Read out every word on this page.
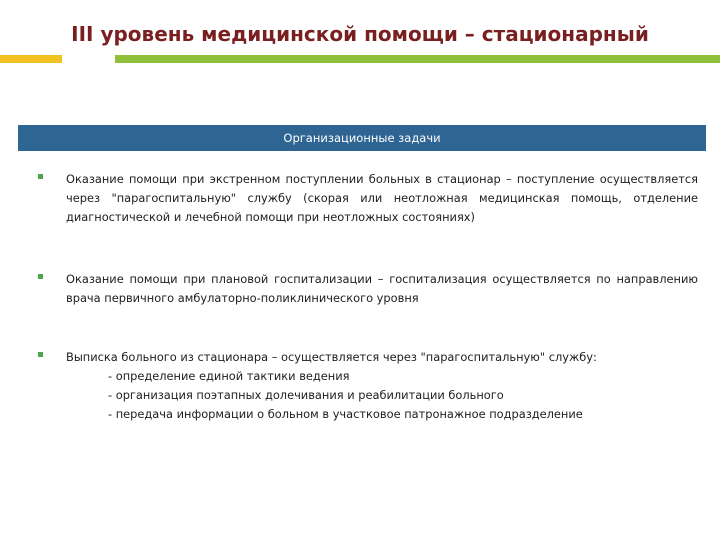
III уровень медицинской помощи – стационарный
Организационные задачи
Оказание помощи при экстренном поступлении больных в стационар – поступление осуществляется через "парагоспитальную" службу (скорая или неотложная медицинская помощь, отделение диагностической и лечебной помощи при неотложных состояниях)
Оказание помощи при плановой госпитализации – госпитализация осуществляется по направлению врача первичного амбулаторно-поликлинического уровня
Выписка больного из стационара – осуществляется через "парагоспитальную" службу:
- определение единой тактики ведения
- организация поэтапных долечивания и реабилитации больного
- передача информации о больном в участковое патронажное подразделение
